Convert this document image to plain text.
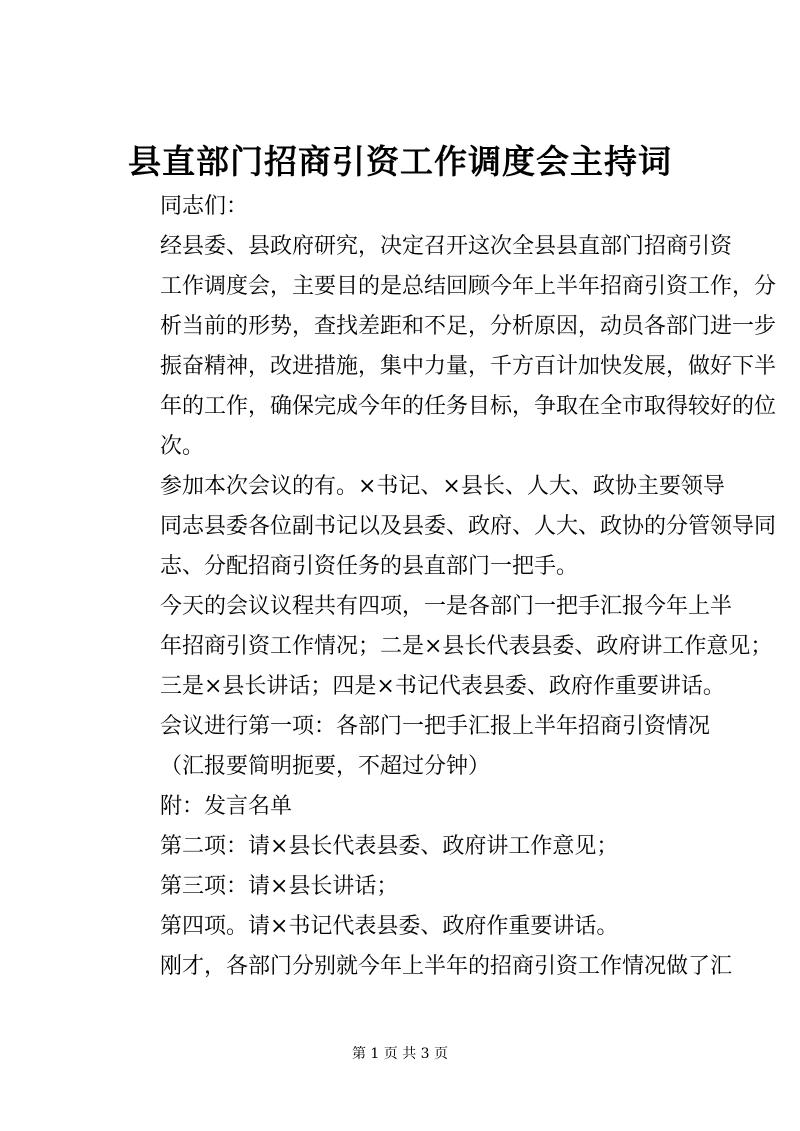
县直部门招商引资工作调度会主持词
同志们：
经县委、县政府研究，决定召开这次全县县直部门招商引资
工作调度会，主要目的是总结回顾今年上半年招商引资工作，分
析当前的形势，查找差距和不足，分析原因，动员各部门进一步
振奋精神，改进措施，集中力量，千方百计加快发展，做好下半
年的工作，确保完成今年的任务目标，争取在全市取得较好的位
次。
参加本次会议的有。×书记、×县长、人大、政协主要领导
同志县委各位副书记以及县委、政府、人大、政协的分管领导同
志、分配招商引资任务的县直部门一把手。
今天的会议议程共有四项，一是各部门一把手汇报今年上半
年招商引资工作情况；二是×县长代表县委、政府讲工作意见；
三是×县长讲话；四是×书记代表县委、政府作重要讲话。
会议进行第一项：各部门一把手汇报上半年招商引资情况
（汇报要简明扼要，不超过分钟）
附：发言名单
第二项：请×县长代表县委、政府讲工作意见；
第三项：请×县长讲话；
第四项。请×书记代表县委、政府作重要讲话。
刚才，各部门分别就今年上半年的招商引资工作情况做了汇
第 1 页 共 3 页
